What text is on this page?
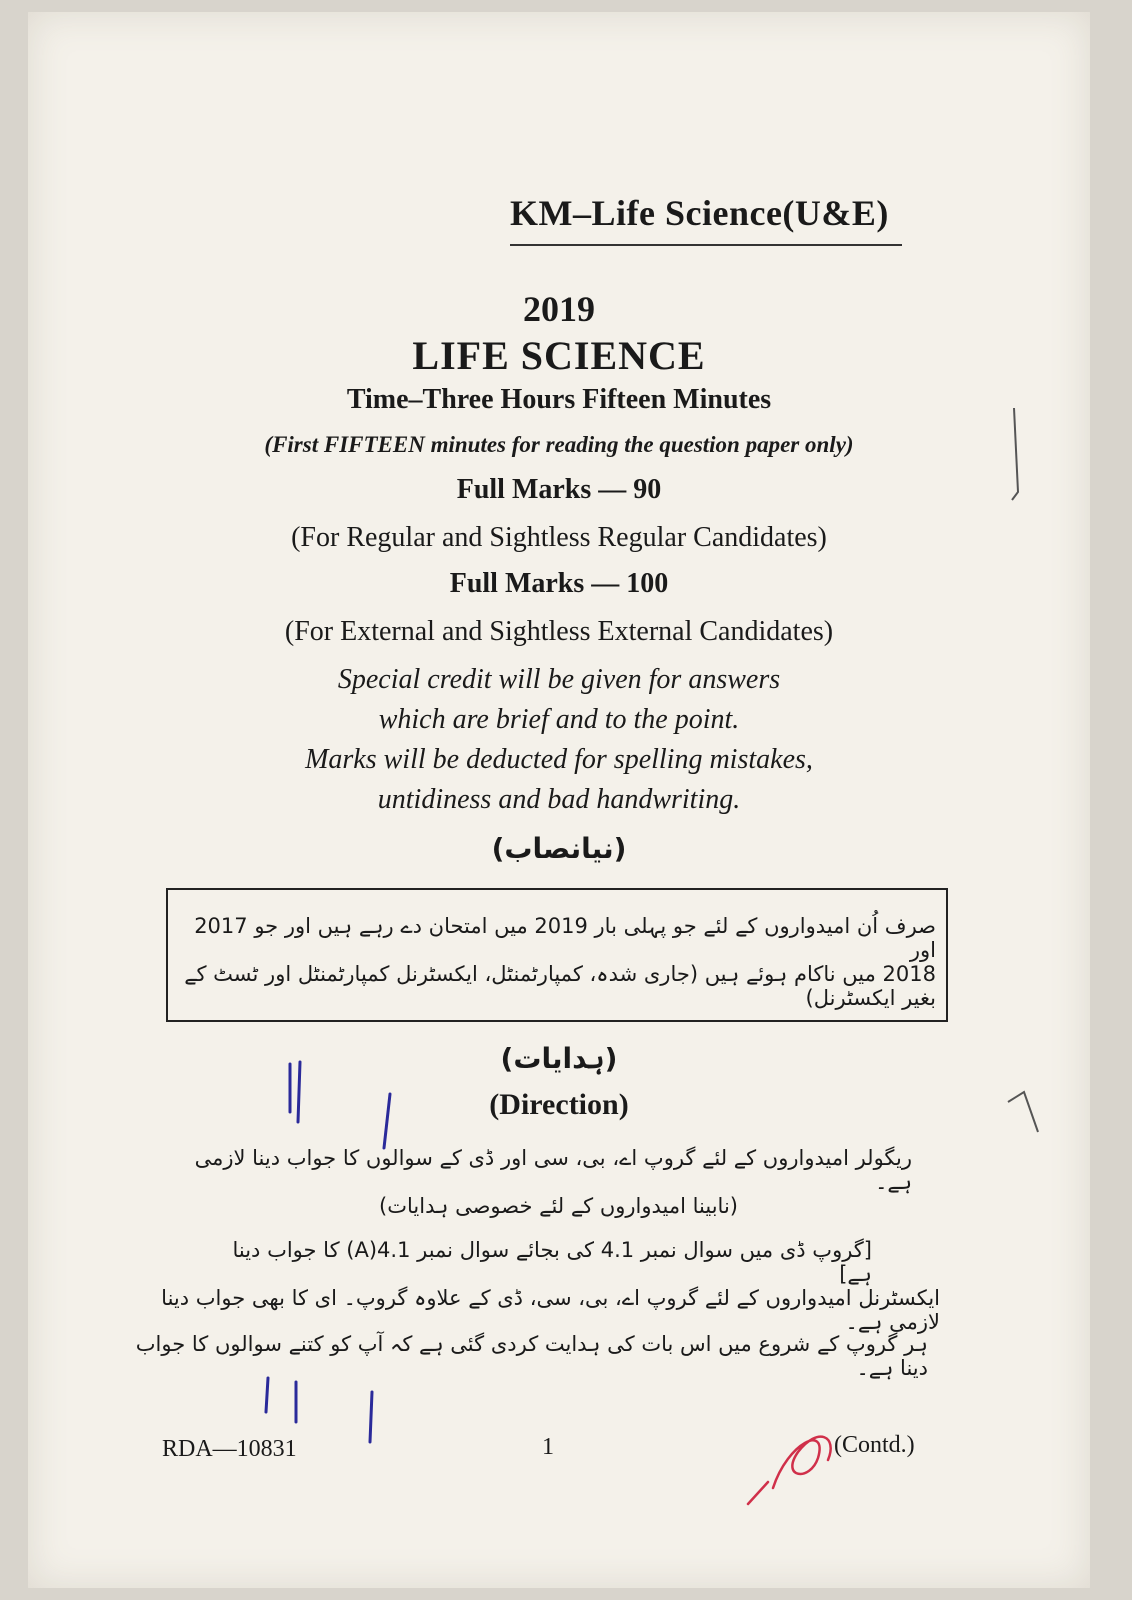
KM–Life Science(U&E)
2019
LIFE SCIENCE
Time–Three Hours Fifteen Minutes
(First FIFTEEN minutes for reading the question paper only)
Full Marks — 90
(For Regular and Sightless Regular Candidates)
Full Marks — 100
(For External and Sightless External Candidates)
Special credit will be given for answers
which are brief and to the point.
Marks will be deducted for spelling mistakes,
untidiness and bad handwriting.
(نیانصاب)
صرف اُن امیدواروں کے لئے جو پہلی بار 2019 میں امتحان دے رہے ہیں اور جو 2017 اور
2018 میں ناکام ہوئے ہیں (جاری شدہ، کمپارٹمنٹل، ایکسٹرنل کمپارٹمنٹل اور ٹسٹ کے بغیر ایکسٹرنل)
(ہدایات)
(Direction)
ریگولر امیدواروں کے لئے گروپ اے، بی، سی اور ڈی کے سوالوں کا جواب دینا لازمی ہے۔
(نابینا امیدواروں کے لئے خصوصی ہدایات)
[گروپ ڈی میں سوال نمبر 4.1 کی بجائے سوال نمبر 4.1(A) کا جواب دینا ہے]
ایکسٹرنل امیدواروں کے لئے گروپ اے، بی، سی، ڈی کے علاوہ گروپ۔ ای کا بھی جواب دینا لازمی ہے۔
ہر گروپ کے شروع میں اس بات کی ہدایت کردی گئی ہے کہ آپ کو کتنے سوالوں کا جواب دینا ہے۔
RDA—10831	1	(Contd.)
